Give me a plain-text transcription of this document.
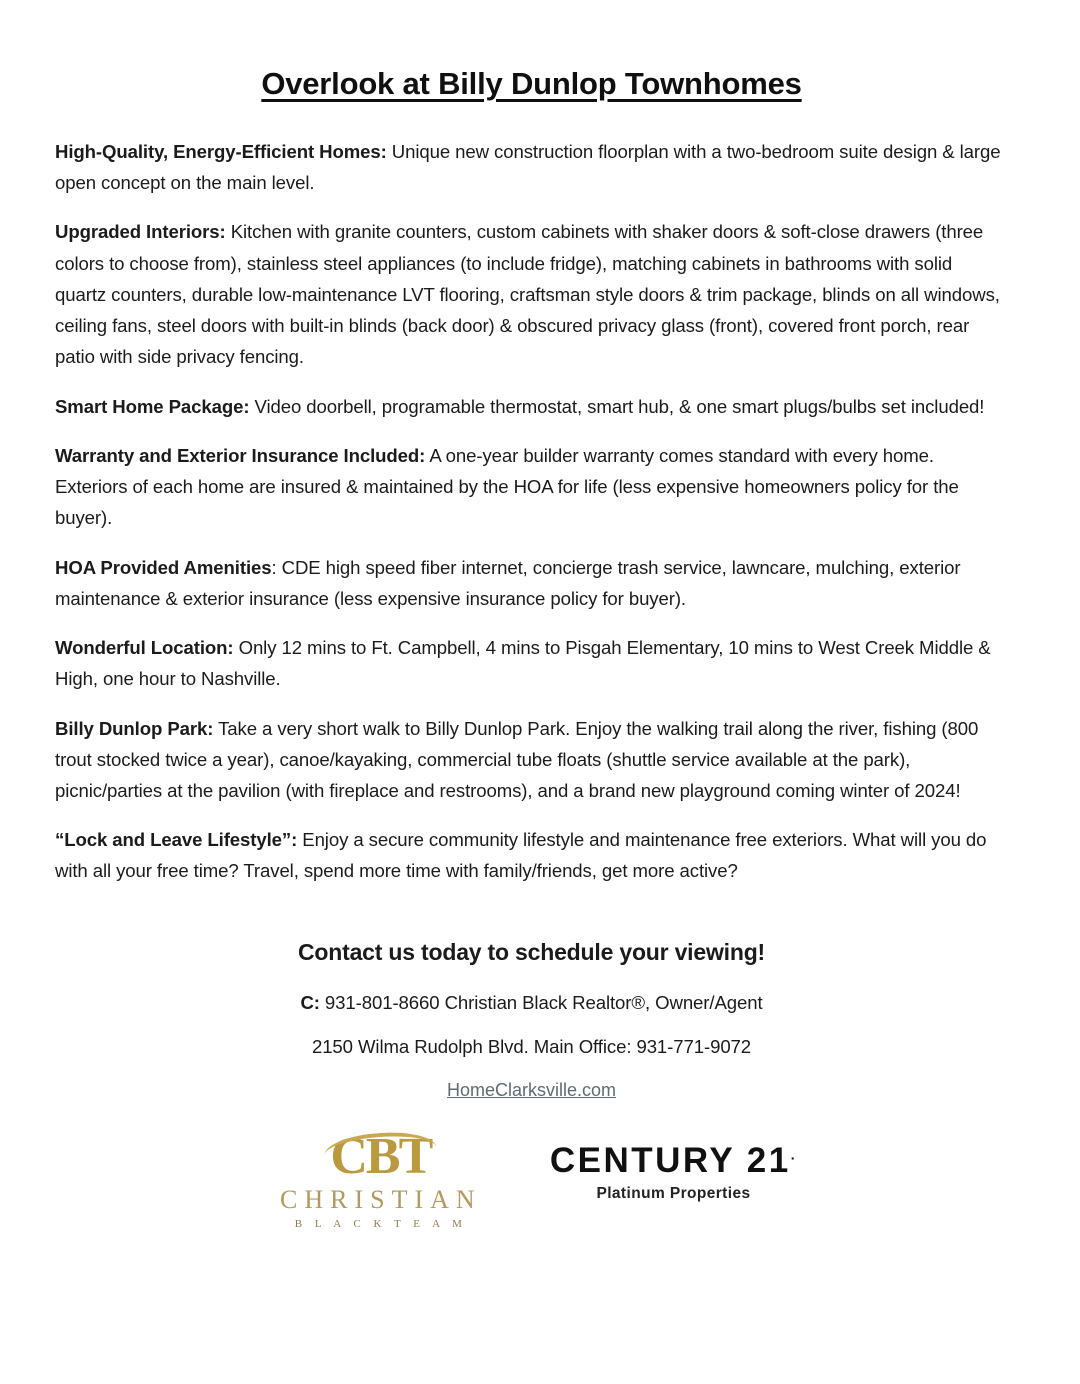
Overlook at Billy Dunlop Townhomes

High-Quality, Energy-Efficient Homes: Unique new construction floorplan with a two-bedroom suite design & large open concept on the main level.

Upgraded Interiors: Kitchen with granite counters, custom cabinets with shaker doors & soft-close drawers (three colors to choose from), stainless steel appliances (to include fridge), matching cabinets in bathrooms with solid quartz counters, durable low-maintenance LVT flooring, craftsman style doors & trim package, blinds on all windows, ceiling fans, steel doors with built-in blinds (back door) & obscured privacy glass (front), covered front porch, rear patio with side privacy fencing.

Smart Home Package: Video doorbell, programable thermostat, smart hub, & one smart plugs/bulbs set included!

Warranty and Exterior Insurance Included: A one-year builder warranty comes standard with every home. Exteriors of each home are insured & maintained by the HOA for life (less expensive homeowners policy for the buyer).

HOA Provided Amenities: CDE high speed fiber internet, concierge trash service, lawncare, mulching, exterior maintenance & exterior insurance (less expensive insurance policy for buyer).

Wonderful Location: Only 12 mins to Ft. Campbell, 4 mins to Pisgah Elementary, 10 mins to West Creek Middle & High, one hour to Nashville.

Billy Dunlop Park: Take a very short walk to Billy Dunlop Park. Enjoy the walking trail along the river, fishing (800 trout stocked twice a year), canoe/kayaking, commercial tube floats (shuttle service available at the park), picnic/parties at the pavilion (with fireplace and restrooms), and a brand new playground coming winter of 2024!

“Lock and Leave Lifestyle”: Enjoy a secure community lifestyle and maintenance free exteriors. What will you do with all your free time? Travel, spend more time with family/friends, get more active?

Contact us today to schedule your viewing!

C: 931-801-8660 Christian Black Realtor®, Owner/Agent

2150 Wilma Rudolph Blvd. Main Office: 931-771-9072

HomeClarksville.com
CBT
CHRISTIAN
B L A C K T E A M
CENTURY 21.
Platinum Properties
